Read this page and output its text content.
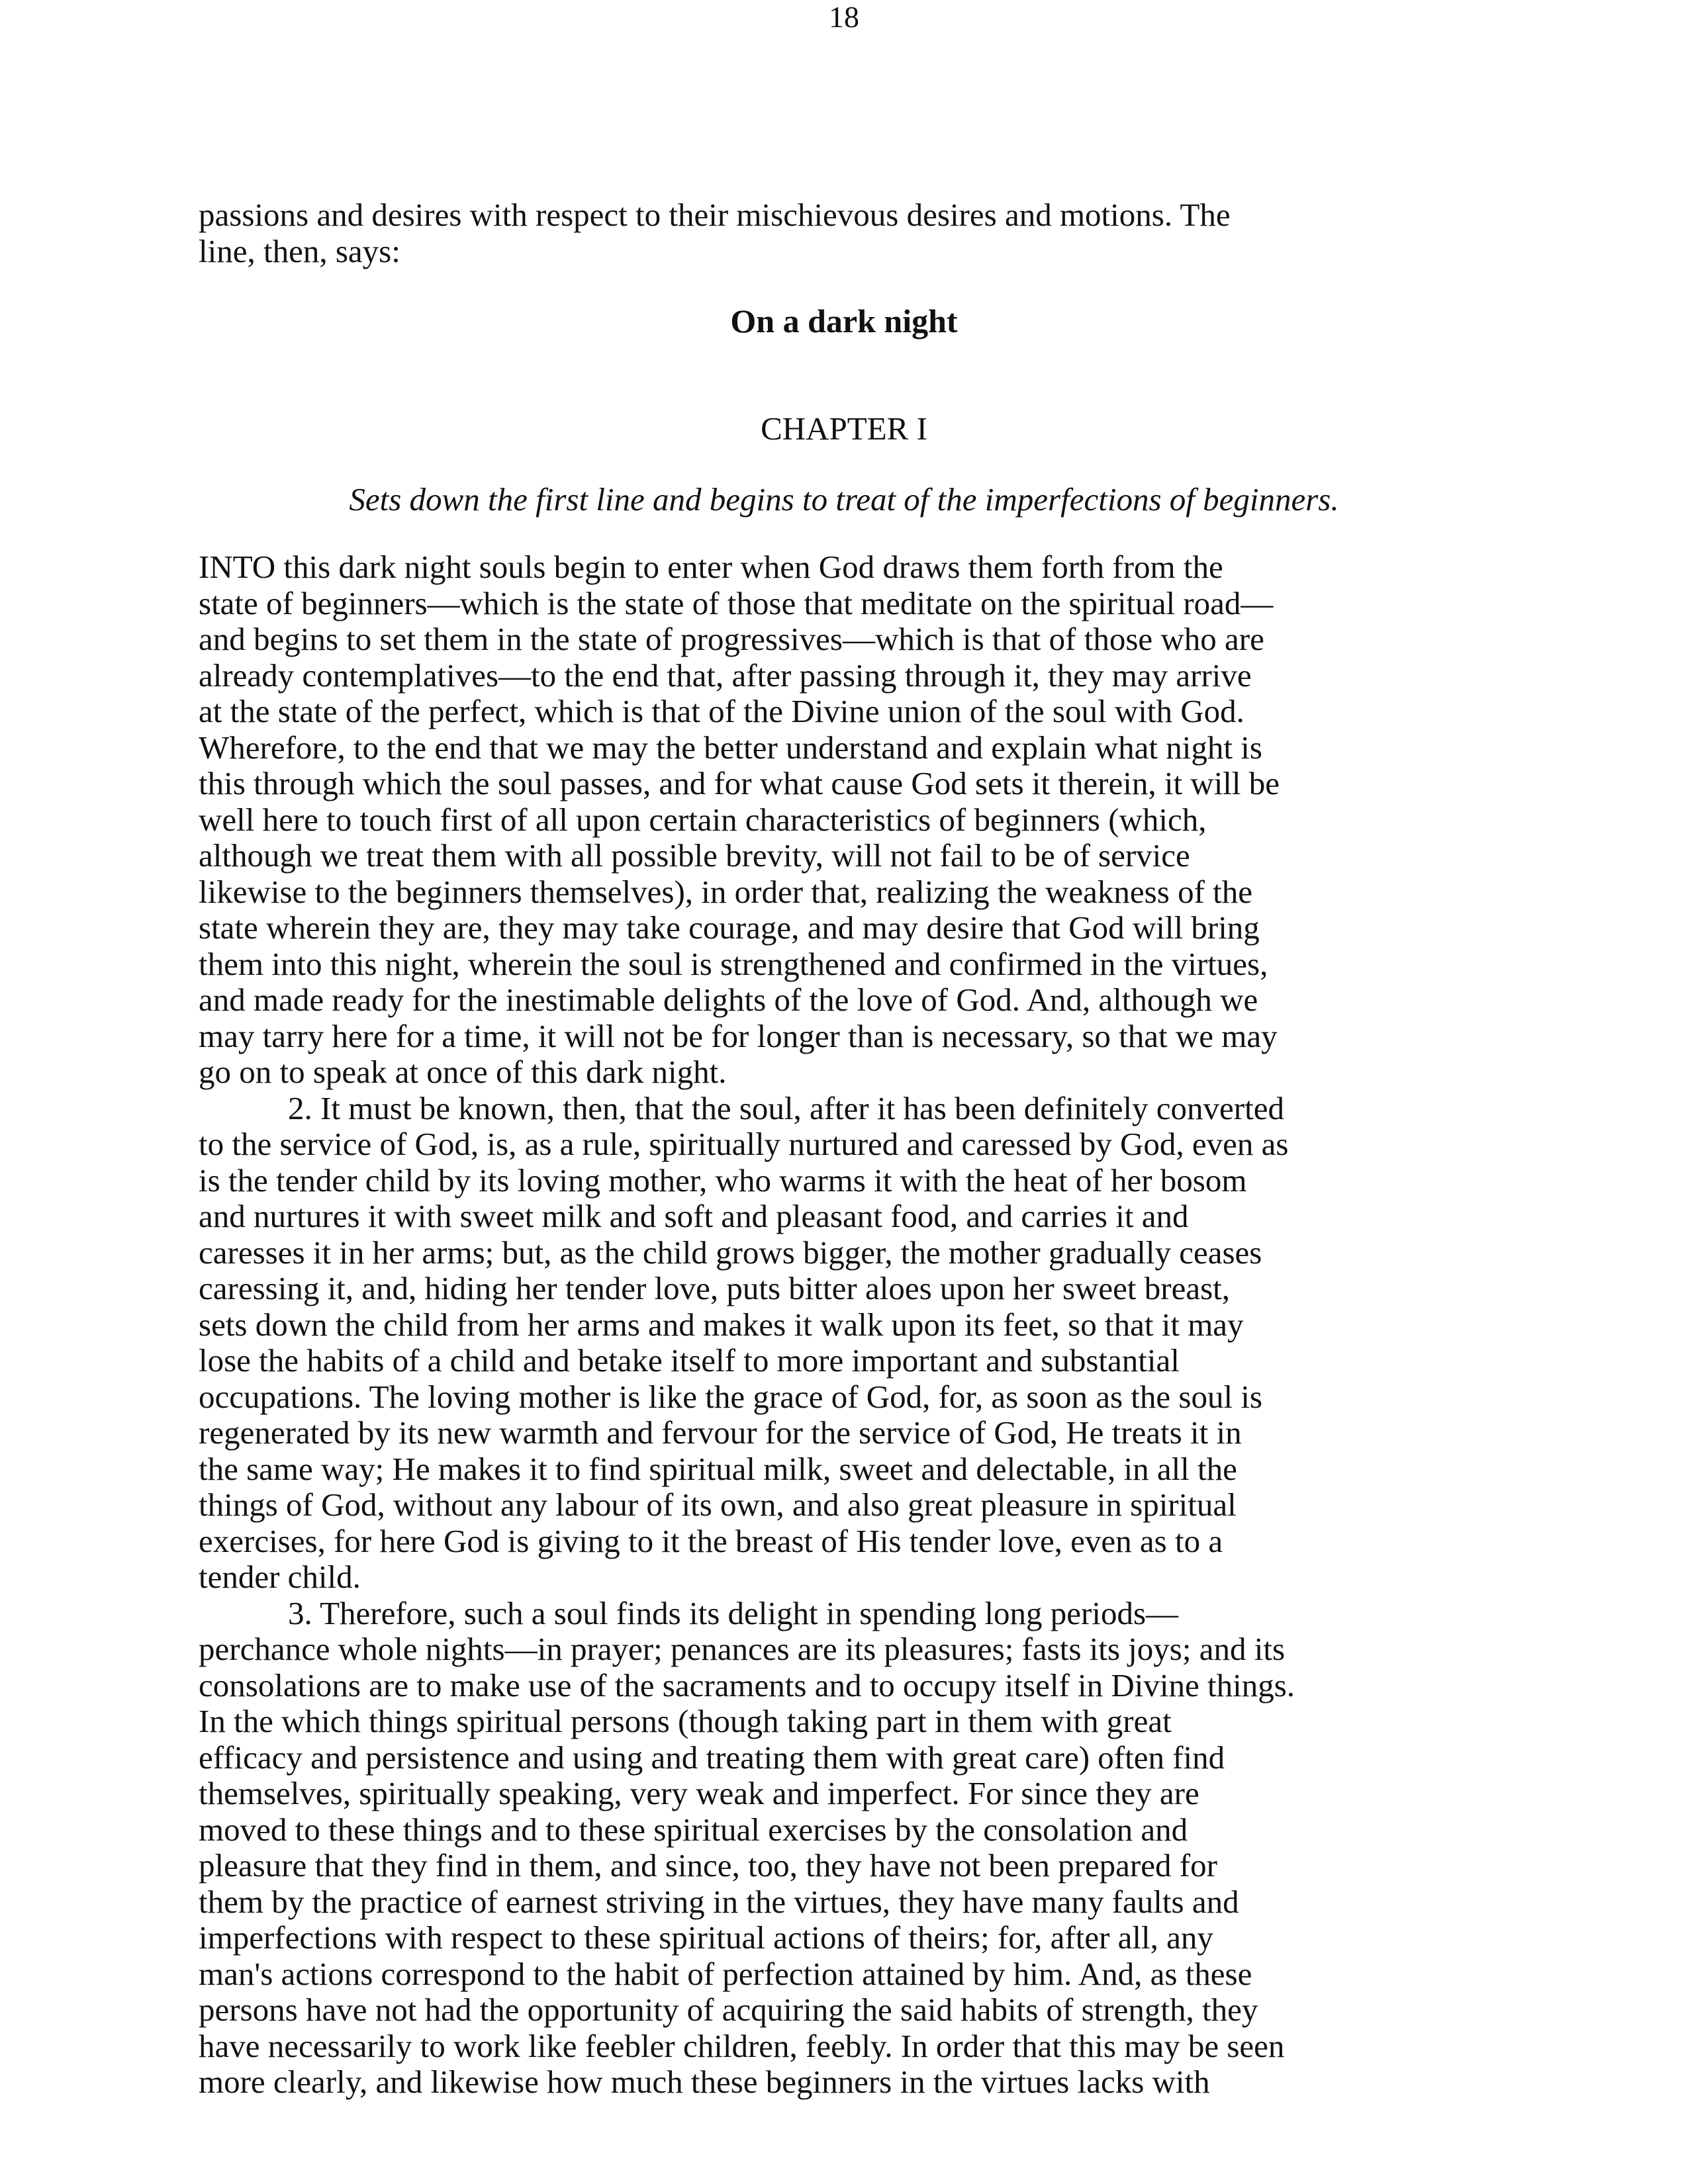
18
passions and desires with respect to their mischievous desires and motions. The
line, then, says:
On a dark night
CHAPTER I
Sets down the first line and begins to treat of the imperfections of beginners.
INTO this dark night souls begin to enter when God draws them forth from the
state of beginners—which is the state of those that meditate on the spiritual road—
and begins to set them in the state of progressives—which is that of those who are
already contemplatives—to the end that, after passing through it, they may arrive
at the state of the perfect, which is that of the Divine union of the soul with God.
Wherefore, to the end that we may the better understand and explain what night is
this through which the soul passes, and for what cause God sets it therein, it will be
well here to touch first of all upon certain characteristics of beginners (which,
although we treat them with all possible brevity, will not fail to be of service
likewise to the beginners themselves), in order that, realizing the weakness of the
state wherein they are, they may take courage, and may desire that God will bring
them into this night, wherein the soul is strengthened and confirmed in the virtues,
and made ready for the inestimable delights of the love of God. And, although we
may tarry here for a time, it will not be for longer than is necessary, so that we may
go on to speak at once of this dark night.
2. It must be known, then, that the soul, after it has been definitely converted
to the service of God, is, as a rule, spiritually nurtured and caressed by God, even as
is the tender child by its loving mother, who warms it with the heat of her bosom
and nurtures it with sweet milk and soft and pleasant food, and carries it and
caresses it in her arms; but, as the child grows bigger, the mother gradually ceases
caressing it, and, hiding her tender love, puts bitter aloes upon her sweet breast,
sets down the child from her arms and makes it walk upon its feet, so that it may
lose the habits of a child and betake itself to more important and substantial
occupations. The loving mother is like the grace of God, for, as soon as the soul is
regenerated by its new warmth and fervour for the service of God, He treats it in
the same way; He makes it to find spiritual milk, sweet and delectable, in all the
things of God, without any labour of its own, and also great pleasure in spiritual
exercises, for here God is giving to it the breast of His tender love, even as to a
tender child.
3. Therefore, such a soul finds its delight in spending long periods—
perchance whole nights—in prayer; penances are its pleasures; fasts its joys; and its
consolations are to make use of the sacraments and to occupy itself in Divine things.
In the which things spiritual persons (though taking part in them with great
efficacy and persistence and using and treating them with great care) often find
themselves, spiritually speaking, very weak and imperfect. For since they are
moved to these things and to these spiritual exercises by the consolation and
pleasure that they find in them, and since, too, they have not been prepared for
them by the practice of earnest striving in the virtues, they have many faults and
imperfections with respect to these spiritual actions of theirs; for, after all, any
man's actions correspond to the habit of perfection attained by him. And, as these
persons have not had the opportunity of acquiring the said habits of strength, they
have necessarily to work like feebler children, feebly. In order that this may be seen
more clearly, and likewise how much these beginners in the virtues lacks with
